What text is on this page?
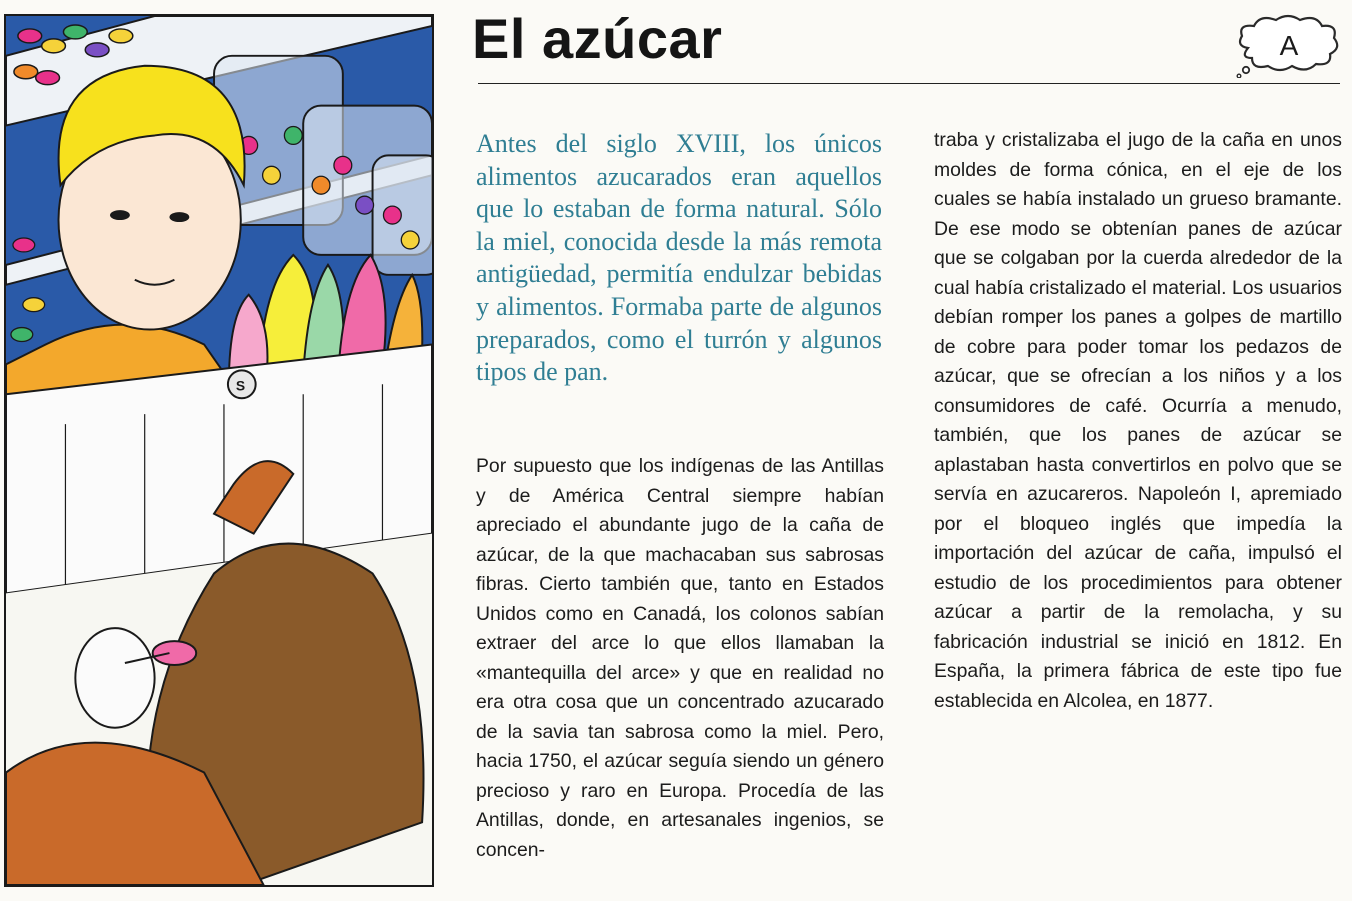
S
El azúcar	A

Antes del siglo XVIII, los únicos alimentos azucarados eran aquellos que lo estaban de forma natural. Sólo la miel, conocida desde la más remota antigüedad, permitía endulzar bebidas y alimentos. Formaba parte de algunos preparados, como el turrón y algunos tipos de pan.

Por supuesto que los indígenas de las Antillas y de América Central siempre habían apreciado el abundante jugo de la caña de azúcar, de la que machacaban sus sabrosas fibras. Cierto también que, tanto en Estados Unidos como en Canadá, los colonos sabían extraer del arce lo que ellos llamaban la «mantequilla del arce» y que en realidad no era otra cosa que un concentrado azucarado de la savia tan sabrosa como la miel. Pero, hacia 1750, el azúcar seguía siendo un género precioso y raro en Europa. Procedía de las Antillas, donde, en artesanales ingenios, se concen-

traba y cristalizaba el jugo de la caña en unos moldes de forma cónica, en el eje de los cuales se había instalado un grueso bramante. De ese modo se obtenían panes de azúcar que se colgaban por la cuerda alrededor de la cual había cristalizado el material. Los usuarios debían romper los panes a golpes de martillo de cobre para poder tomar los pedazos de azúcar, que se ofrecían a los niños y a los consumidores de café. Ocurría a menudo, también, que los panes de azúcar se aplastaban hasta convertirlos en polvo que se servía en azucareros. Napoleón I, apremiado por el bloqueo inglés que impedía la importación del azúcar de caña, impulsó el estudio de los procedimientos para obtener azúcar a partir de la remolacha, y su fabricación industrial se inició en 1812. En España, la primera fábrica de este tipo fue establecida en Alcolea, en 1877.
